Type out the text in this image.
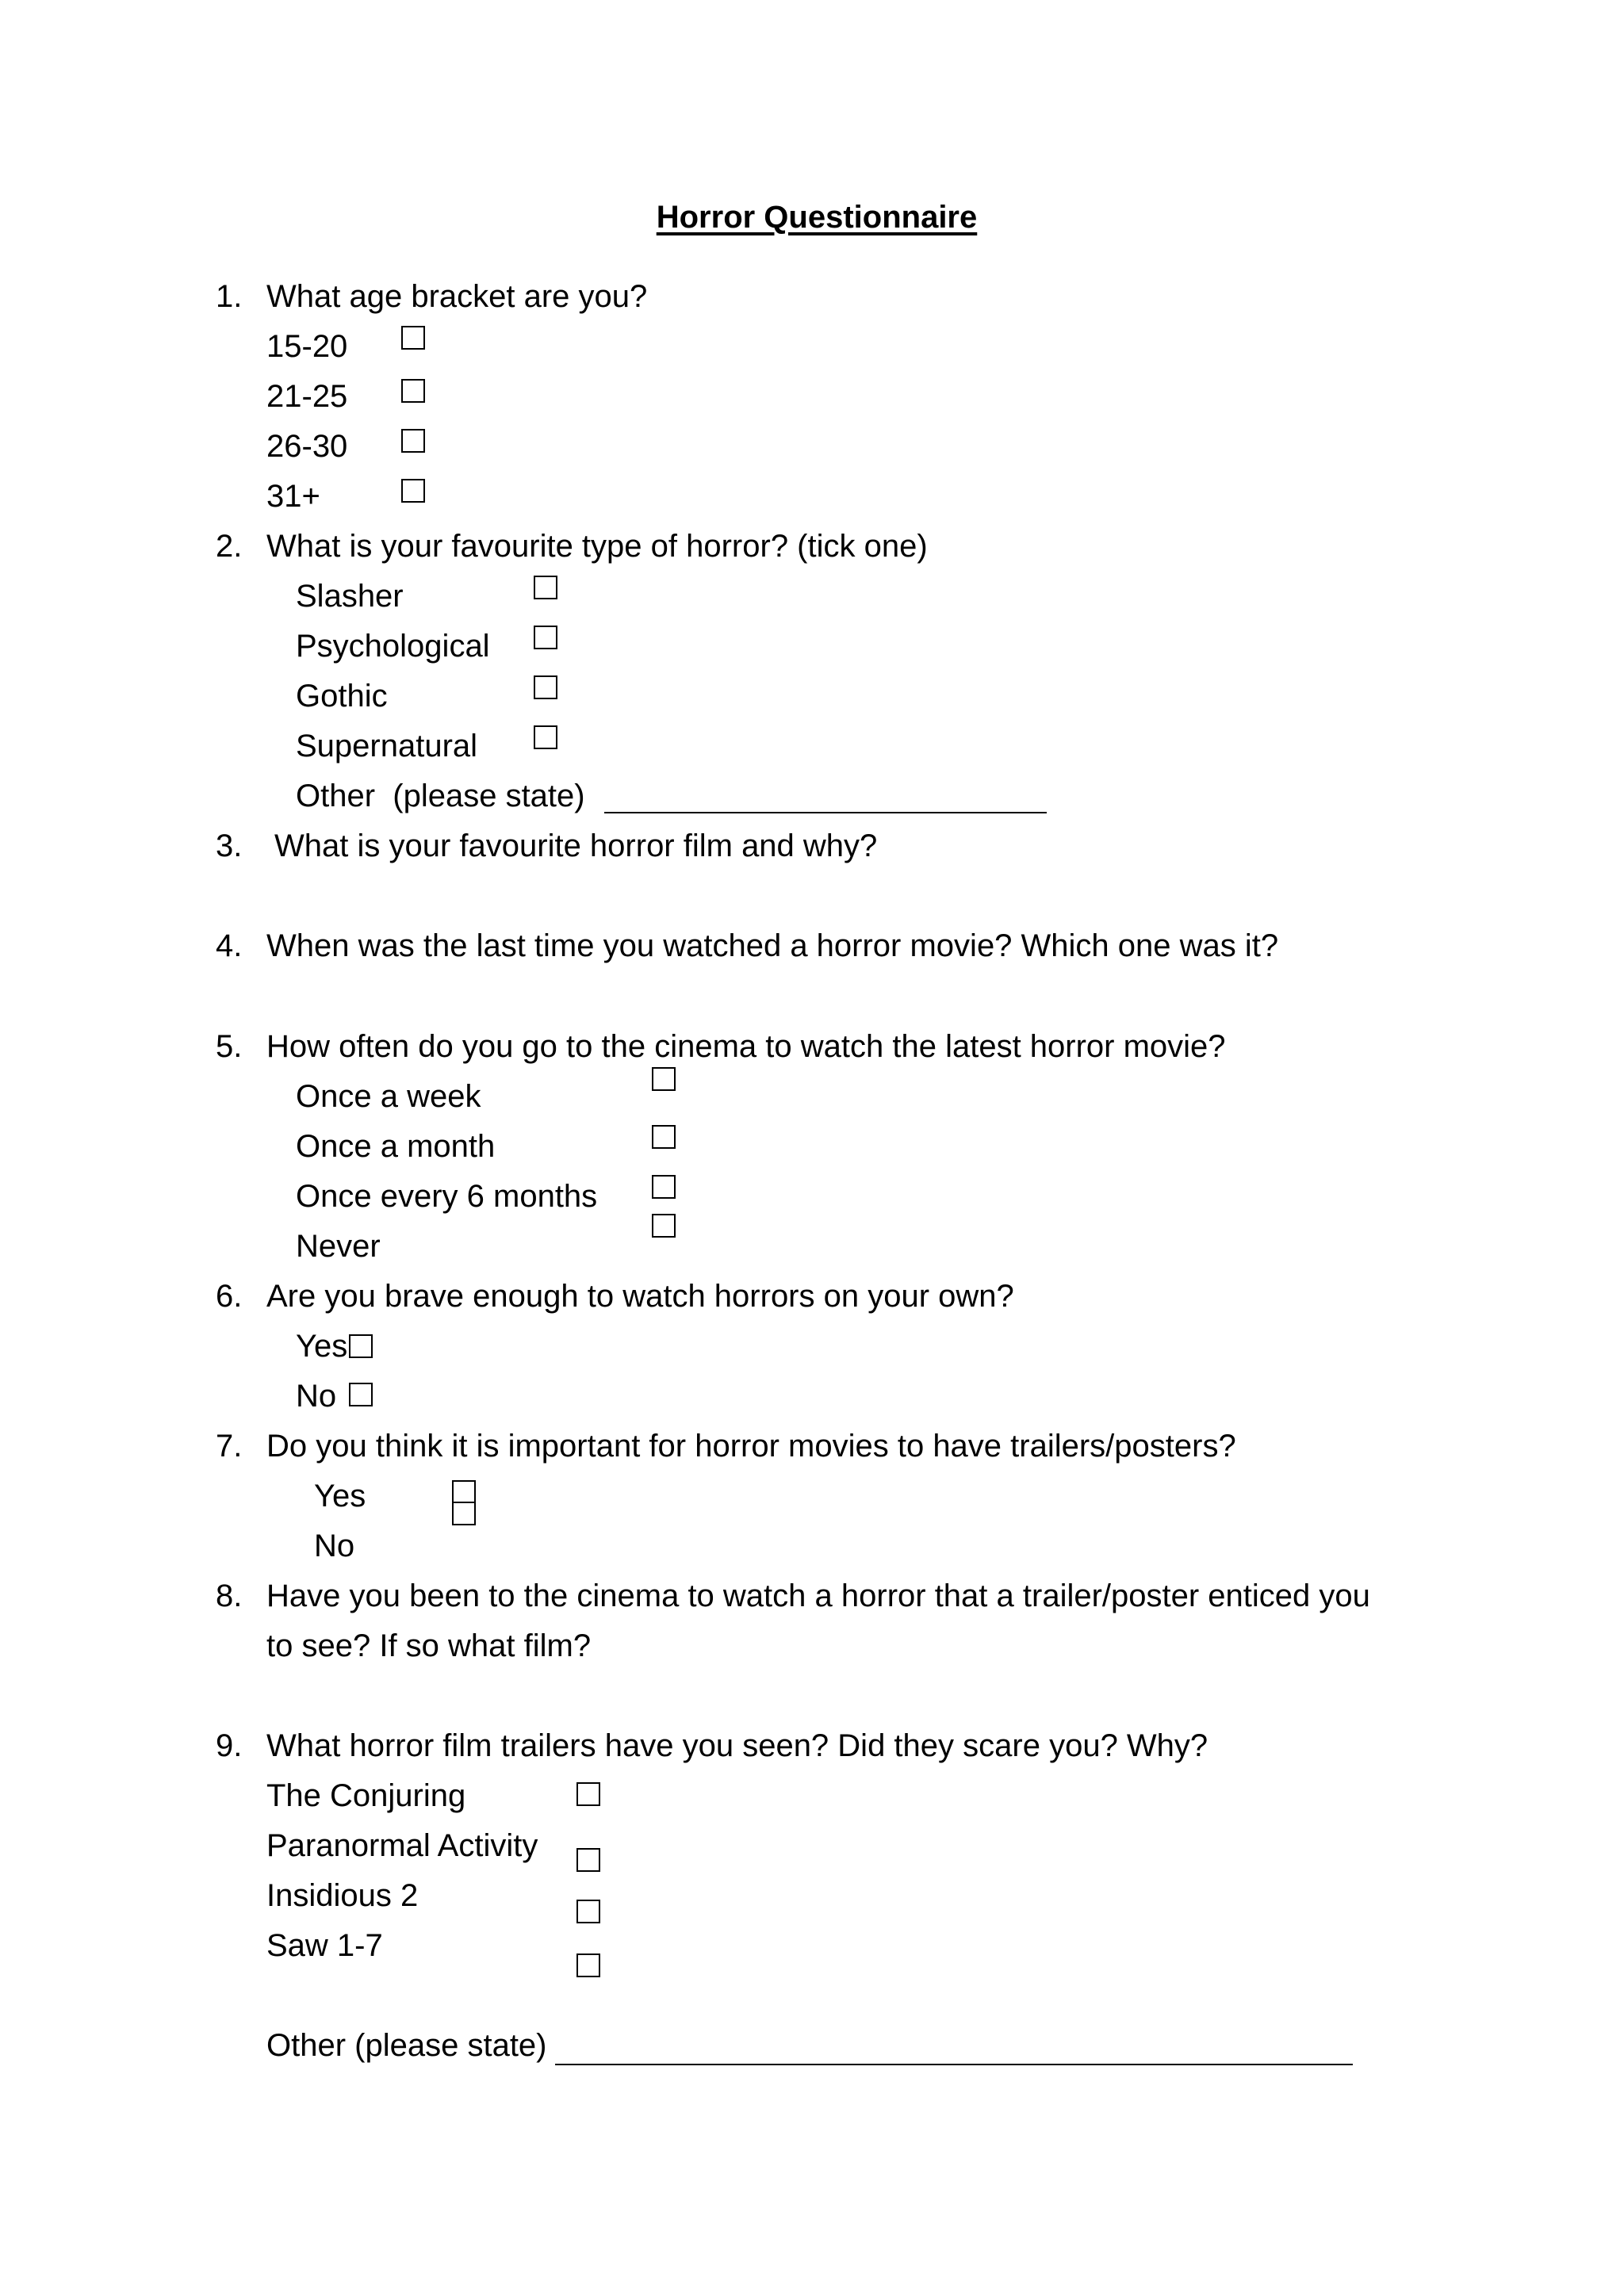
Horror Questionnaire
1. What age bracket are you?
15-20
21-25
26-30
31+
2. What is your favourite type of horror? (tick one)
Slasher
Psychological
Gothic
Supernatural
Other  (please state)
3. What is your favourite horror film and why?
4. When was the last time you watched a horror movie? Which one was it?
5. How often do you go to the cinema to watch the latest horror movie?
Once a week
Once a month
Once every 6 months
Never
6. Are you brave enough to watch horrors on your own?
Yes
No
7. Do you think it is important for horror movies to have trailers/posters?
Yes
No
8. Have you been to the cinema to watch a horror that a trailer/poster enticed you
to see? If so what film?
9. What horror film trailers have you seen? Did they scare you? Why?
The Conjuring
Paranormal Activity
Insidious 2
Saw 1-7
Other (please state)
